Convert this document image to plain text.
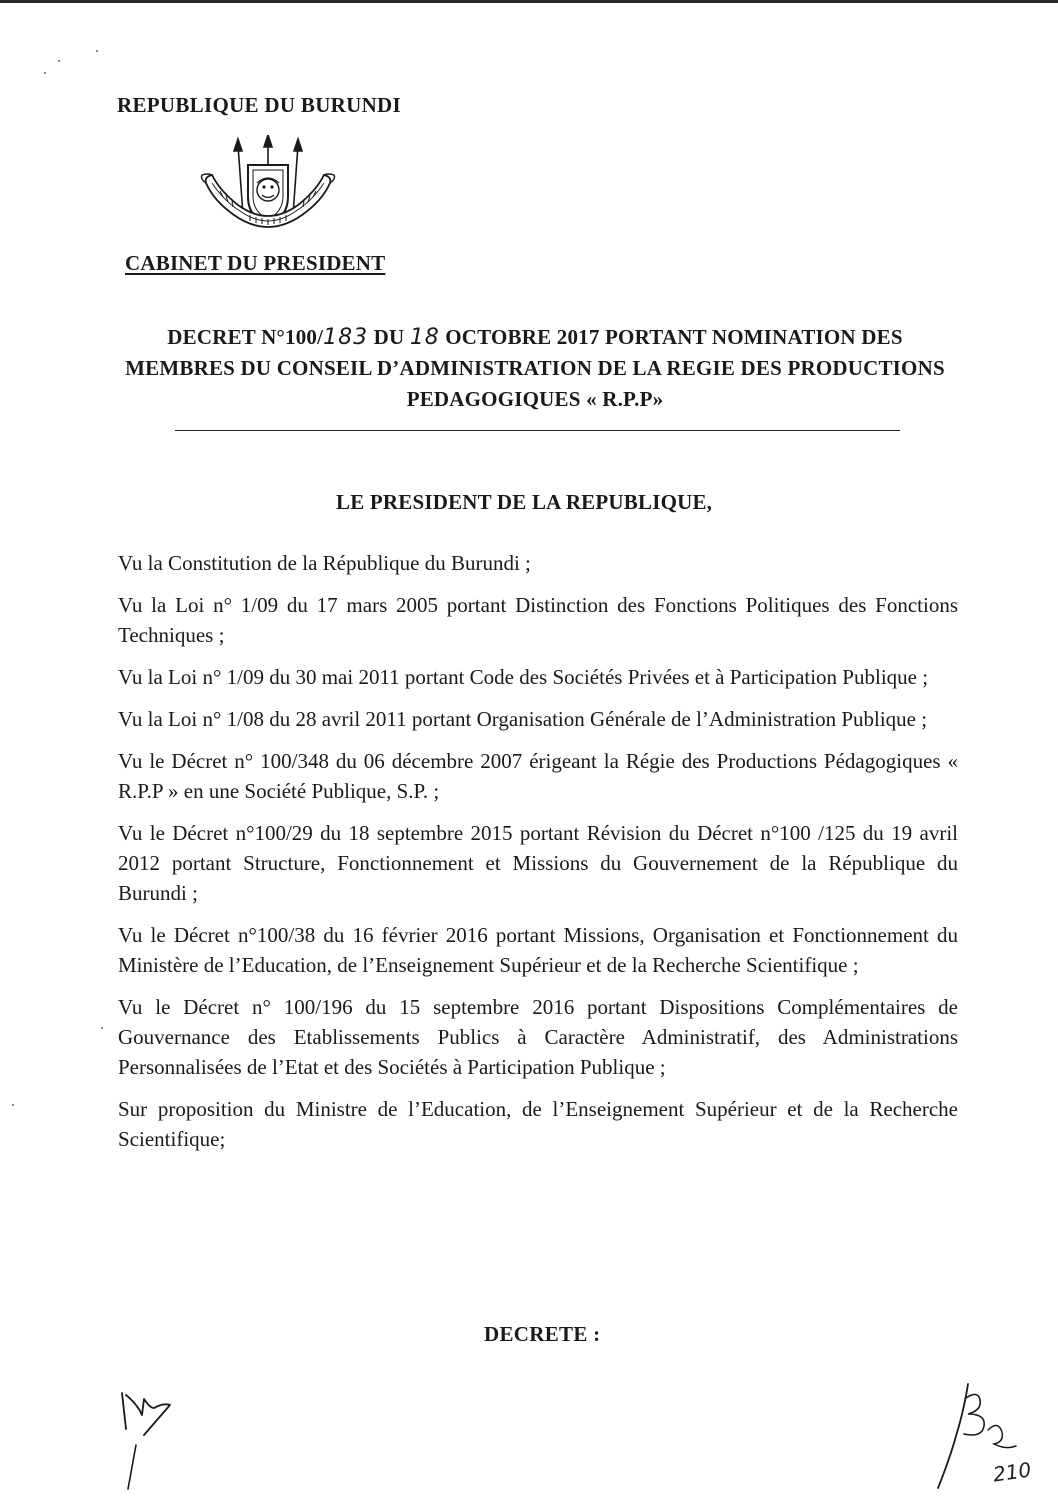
REPUBLIQUE DU BURUNDI
CABINET DU PRESIDENT
DECRET N°100/183 DU 18 OCTOBRE 2017 PORTANT NOMINATION DES MEMBRES DU CONSEIL D’ADMINISTRATION DE LA REGIE DES PRODUCTIONS PEDAGOGIQUES « R.P.P»
LE PRESIDENT DE LA REPUBLIQUE,

Vu la Constitution de la République du Burundi ;

Vu la Loi n° 1/09 du 17 mars 2005 portant Distinction des Fonctions Politiques des Fonctions Techniques ;

Vu la Loi n° 1/09 du 30 mai 2011 portant Code des Sociétés Privées et à Participation Publique ;

Vu la Loi n° 1/08 du 28 avril 2011 portant Organisation Générale de l’Administration Publique ;

Vu le Décret n° 100/348 du 06 décembre 2007 érigeant la Régie des Productions Pédagogiques « R.P.P » en une Société Publique, S.P. ;

Vu le Décret n°100/29 du 18 septembre 2015 portant Révision du Décret n°100 /125 du 19 avril 2012 portant Structure, Fonctionnement et Missions du Gouvernement de la République du Burundi ;

Vu le Décret n°100/38 du 16 février 2016 portant Missions, Organisation et Fonctionnement du Ministère de l’Education, de l’Enseignement Supérieur et de la Recherche Scientifique ;

Vu le Décret n° 100/196 du 15 septembre 2016 portant Dispositions Complémentaires de Gouvernance des Etablissements Publics à Caractère Administratif, des Administrations Personnalisées de l’Etat et des Sociétés à Participation Publique ;

Sur proposition du Ministre de l’Education, de l’Enseignement Supérieur et de la Recherche Scientifique;

DECRETE :
210
